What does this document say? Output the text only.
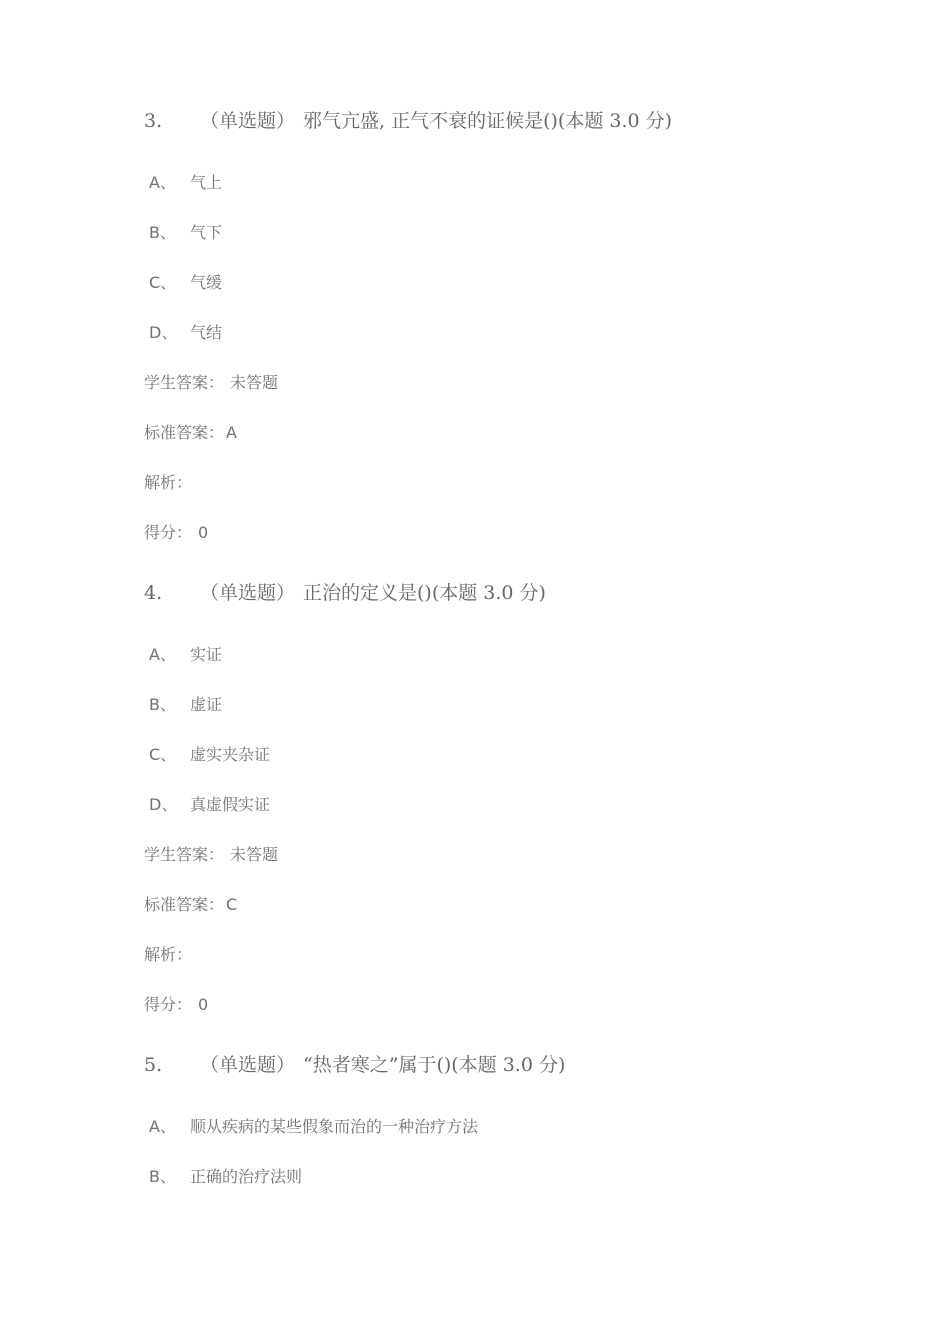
3. （单选题） 邪气亢盛, 正气不衰的证候是()(本题 3.0 分)
A、 气上
B、 气下
C、 气缓
D、 气结
学生答案： 未答题
标准答案： A
解析：
得分： 0
4. （单选题） 正治的定义是()(本题 3.0 分)
A、 实证
B、 虚证
C、 虚实夹杂证
D、 真虚假实证
学生答案： 未答题
标准答案： C
解析：
得分： 0
5. （单选题） “热者寒之”属于()(本题 3.0 分)
A、 顺从疾病的某些假象而治的一种治疗方法
B、 正确的治疗法则
